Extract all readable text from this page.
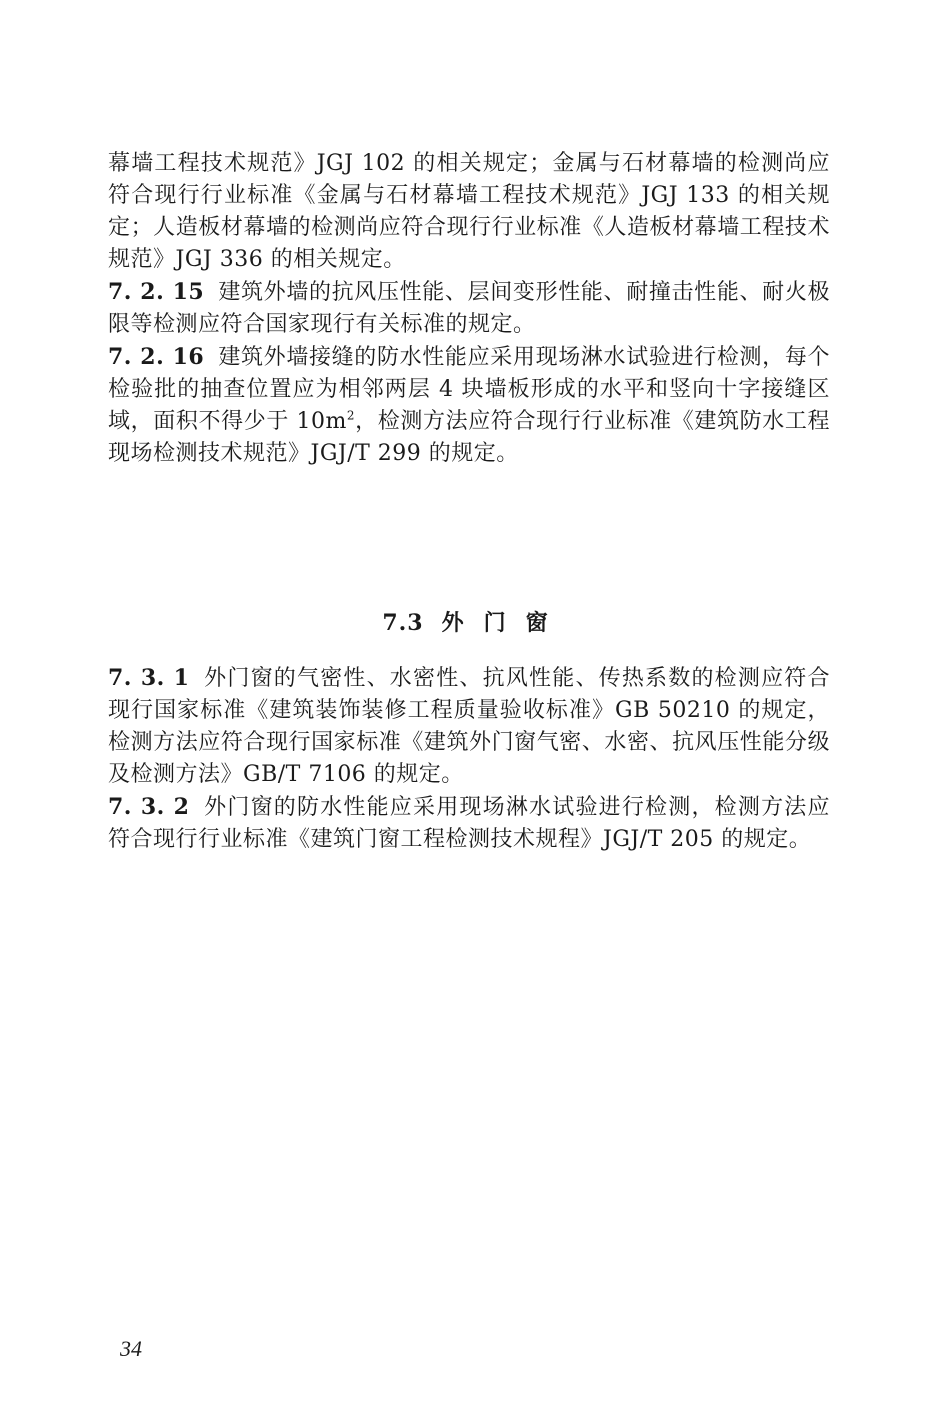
幕墙工程技术规范》JGJ 102 的相关规定；金属与石材幕墙的检测尚应符合现行行业标准《金属与石材幕墙工程技术规范》JGJ 133 的相关规定；人造板材幕墙的检测尚应符合现行行业标准《人造板材幕墙工程技术规范》JGJ 336 的相关规定。

7. 2. 15 建筑外墙的抗风压性能、层间变形性能、耐撞击性能、耐火极限等检测应符合国家现行有关标准的规定。

7. 2. 16 建筑外墙接缝的防水性能应采用现场淋水试验进行检测，每个检验批的抽查位置应为相邻两层 4 块墙板形成的水平和竖向十字接缝区域，面积不得少于 $10m^2$，检测方法应符合现行行业标准《建筑防水工程现场检测技术规范》JGJ/T 299 的规定。

7.3 外门窗

7. 3. 1 外门窗的气密性、水密性、抗风性能、传热系数的检测应符合现行国家标准《建筑装饰装修工程质量验收标准》GB 50210 的规定，检测方法应符合现行国家标准《建筑外门窗气密、水密、抗风压性能分级及检测方法》GB/T 7106 的规定。

7. 3. 2 外门窗的防水性能应采用现场淋水试验进行检测，检测方法应符合现行行业标准《建筑门窗工程检测技术规程》JGJ/T 205 的规定。

34
